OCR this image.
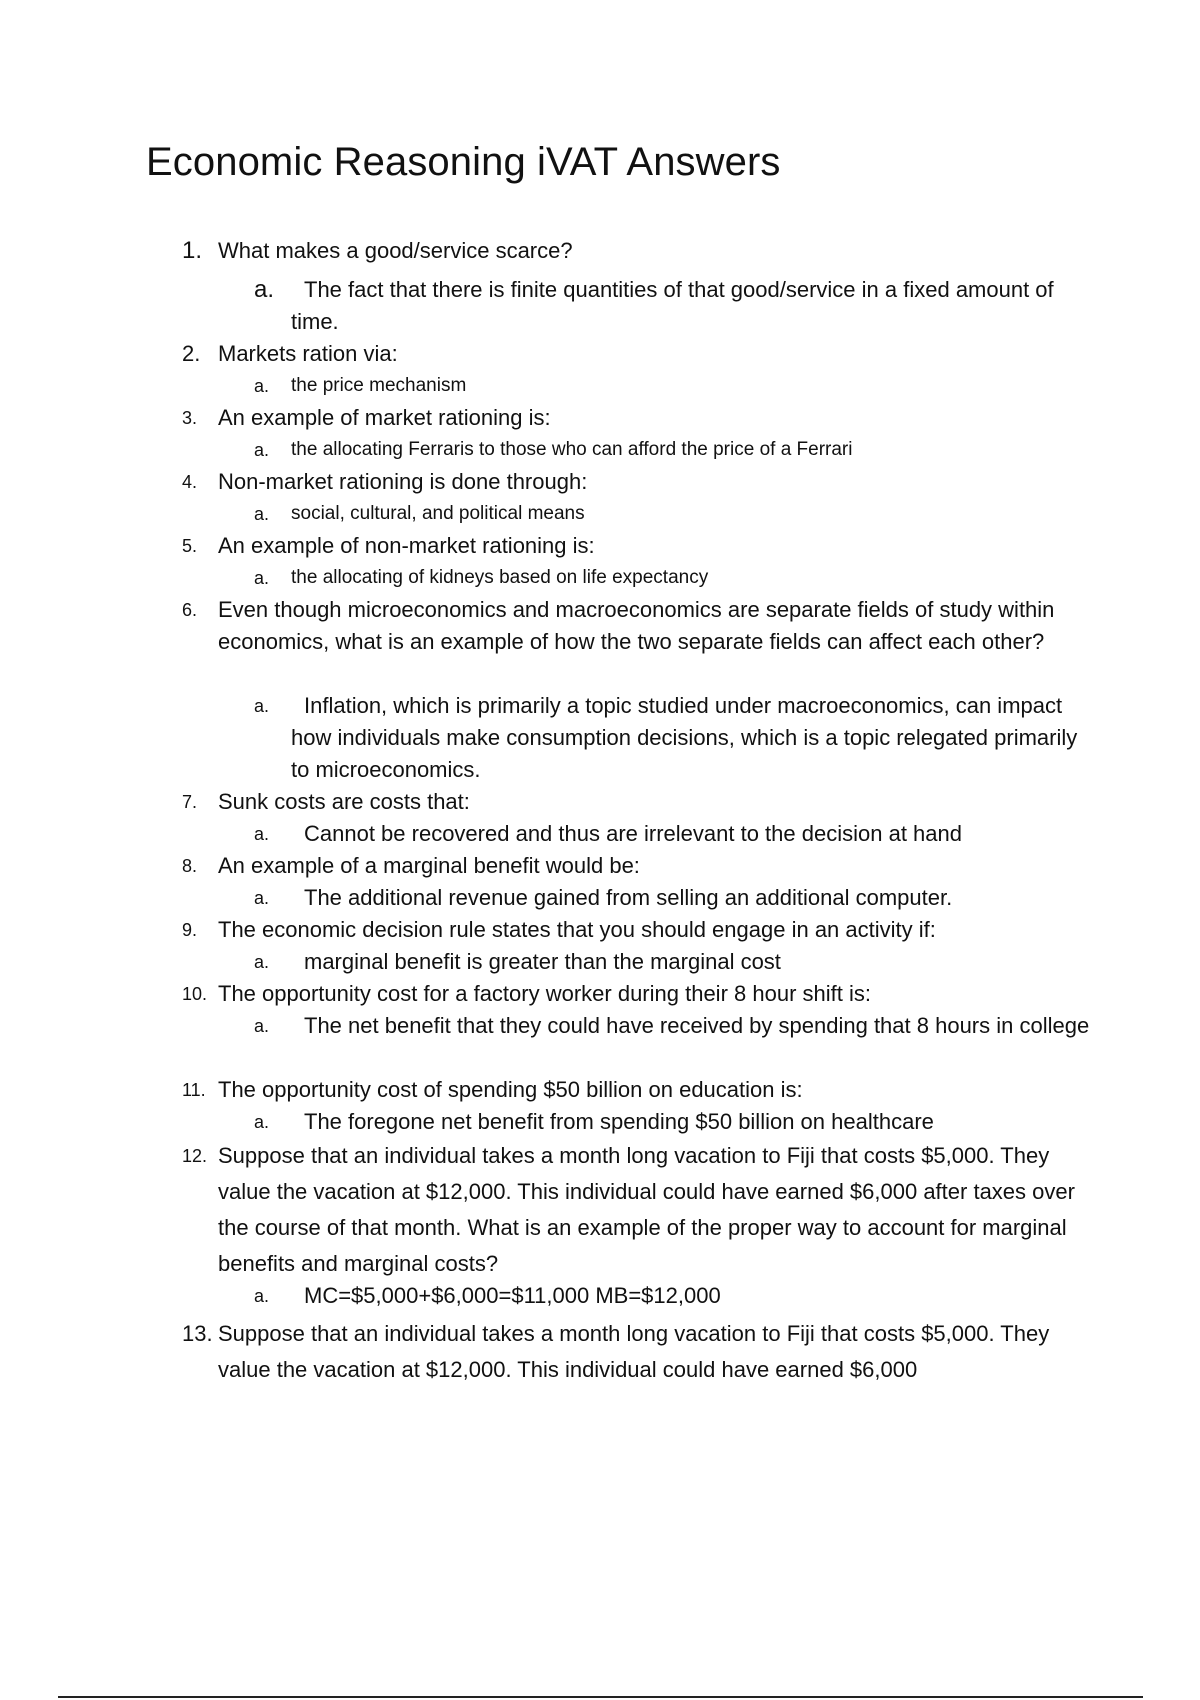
Economic Reasoning iVAT Answers
1. What makes a good/service scarce?
a.	The fact that there is finite quantities of that good/service in a fixed amount of time.
2. Markets ration via:
a.	the price mechanism
3. An example of market rationing is:
a.	the allocating Ferraris to those who can afford the price of a Ferrari
4. Non-market rationing is done through:
a.	social, cultural, and political means
5. An example of non-market rationing is:
a.	the allocating of kidneys based on life expectancy
6. Even though microeconomics and macroeconomics are separate fields of study within economics, what is an example of how the two separate fields can affect each other?
a.	Inflation, which is primarily a topic studied under macroeconomics, can impact how individuals make consumption decisions, which is a topic relegated primarily to microeconomics.
7. Sunk costs are costs that:
a.	Cannot be recovered and thus are irrelevant to the decision at hand
8. An example of a marginal benefit would be:
a.	The additional revenue gained from selling an additional computer.
9. The economic decision rule states that you should engage in an activity if:
a.	marginal benefit is greater than the marginal cost
10. The opportunity cost for a factory worker during their 8 hour shift is:
a.	The net benefit that they could have received by spending that 8 hours in college
11. The opportunity cost of spending $50 billion on education is:
a.	The foregone net benefit from spending $50 billion on healthcare
12. Suppose that an individual takes a month long vacation to Fiji that costs $5,000. They value the vacation at $12,000. This individual could have earned $6,000 after taxes over the course of that month. What is an example of the proper way to account for marginal benefits and marginal costs?
a.	MC=$5,000+$6,000=$11,000 MB=$12,000
13. Suppose that an individual takes a month long vacation to Fiji that costs $5,000. They value the vacation at $12,000. This individual could have earned $6,000
